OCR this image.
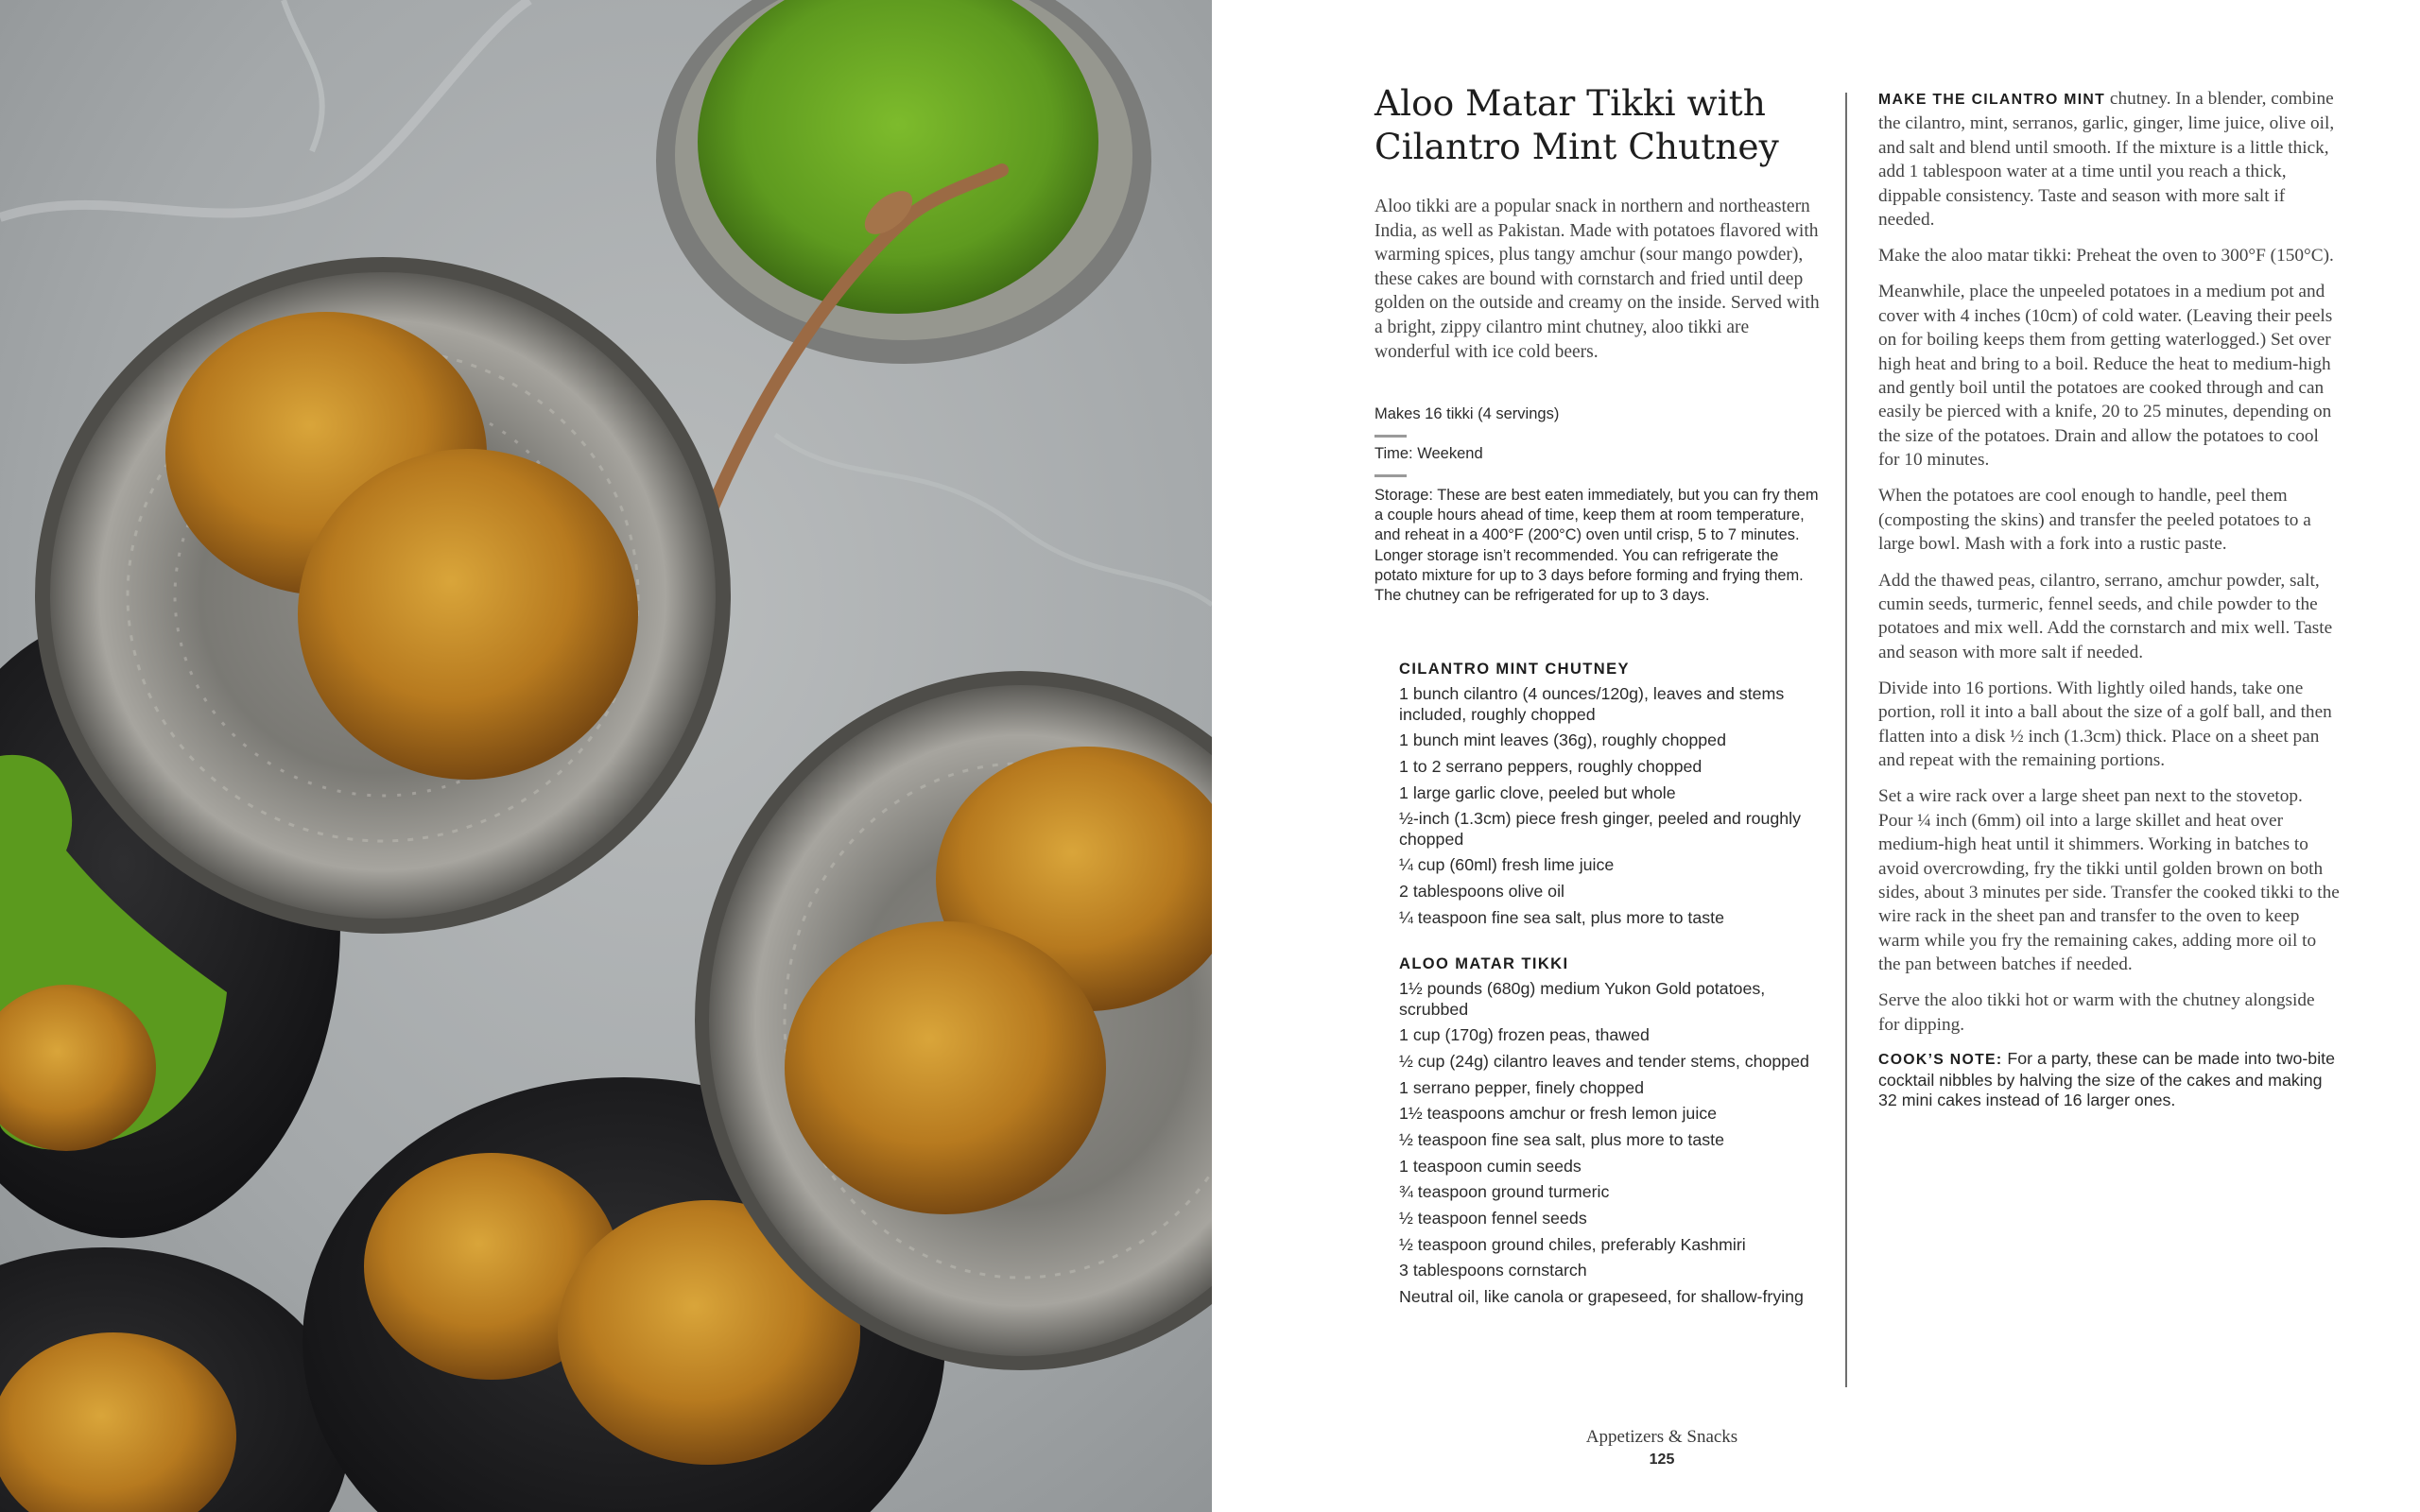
Aloo Matar Tikki with
Cilantro Mint Chutney

Aloo tikki are a popular snack in northern and northeastern India, as well as Pakistan. Made with potatoes flavored with warming spices, plus tangy amchur (sour mango powder), these cakes are bound with cornstarch and fried until deep golden on the outside and creamy on the inside. Served with a bright, zippy cilantro mint chutney, aloo tikki are wonderful with ice cold beers.

Makes 16 tikki (4 servings)
Time: Weekend

Storage: These are best eaten immediately, but you can fry them a couple hours ahead of time, keep them at room temperature, and reheat in a 400°F (200°C) oven until crisp, 5 to 7 minutes. Longer storage isn’t recommended. You can refrigerate the potato mixture for up to 3 days before forming and frying them. The chutney can be refrigerated for up to 3 days.

CILANTRO MINT CHUTNEY
1 bunch cilantro (4 ounces/120g), leaves and stems included, roughly chopped
1 bunch mint leaves (36g), roughly chopped
1 to 2 serrano peppers, roughly chopped
1 large garlic clove, peeled but whole
½-inch (1.3cm) piece fresh ginger, peeled and roughly chopped
¼ cup (60ml) fresh lime juice
2 tablespoons olive oil
¼ teaspoon fine sea salt, plus more to taste
ALOO MATAR TIKKI
1½ pounds (680g) medium Yukon Gold potatoes, scrubbed
1 cup (170g) frozen peas, thawed
½ cup (24g) cilantro leaves and tender stems, chopped
1 serrano pepper, finely chopped
1½ teaspoons amchur or fresh lemon juice
½ teaspoon fine sea salt, plus more to taste
1 teaspoon cumin seeds
¾ teaspoon ground turmeric
½ teaspoon fennel seeds
½ teaspoon ground chiles, preferably Kashmiri
3 tablespoons cornstarch
Neutral oil, like canola or grapeseed, for shallow-frying

MAKE THE CILANTRO MINT chutney. In a blender, combine the cilantro, mint, serranos, garlic, ginger, lime juice, olive oil, and salt and blend until smooth. If the mixture is a little thick, add 1 tablespoon water at a time until you reach a thick, dippable consistency. Taste and season with more salt if needed.

Make the aloo matar tikki: Preheat the oven to 300°F (150°C).

Meanwhile, place the unpeeled potatoes in a medium pot and cover with 4 inches (10cm) of cold water. (Leaving their peels on for boiling keeps them from getting waterlogged.) Set over high heat and bring to a boil. Reduce the heat to medium-high and gently boil until the potatoes are cooked through and can easily be pierced with a knife, 20 to 25 minutes, depending on the size of the potatoes. Drain and allow the potatoes to cool for 10 minutes.

When the potatoes are cool enough to handle, peel them (composting the skins) and transfer the peeled potatoes to a large bowl. Mash with a fork into a rustic paste.

Add the thawed peas, cilantro, serrano, amchur powder, salt, cumin seeds, turmeric, fennel seeds, and chile powder to the potatoes and mix well. Add the cornstarch and mix well. Taste and season with more salt if needed.

Divide into 16 portions. With lightly oiled hands, take one portion, roll it into a ball about the size of a golf ball, and then flatten into a disk ½ inch (1.3cm) thick. Place on a sheet pan and repeat with the remaining portions.

Set a wire rack over a large sheet pan next to the stovetop. Pour ¼ inch (6mm) oil into a large skillet and heat over medium-high heat until it shimmers. Working in batches to avoid overcrowding, fry the tikki until golden brown on both sides, about 3 minutes per side. Transfer the cooked tikki to the wire rack in the sheet pan and transfer to the oven to keep warm while you fry the remaining cakes, adding more oil to the pan between batches if needed.

Serve the aloo tikki hot or warm with the chutney alongside for dipping.

COOK’S NOTE: For a party, these can be made into two-bite cocktail nibbles by halving the size of the cakes and making 32 mini cakes instead of 16 larger ones.

Appetizers & Snacks
125
